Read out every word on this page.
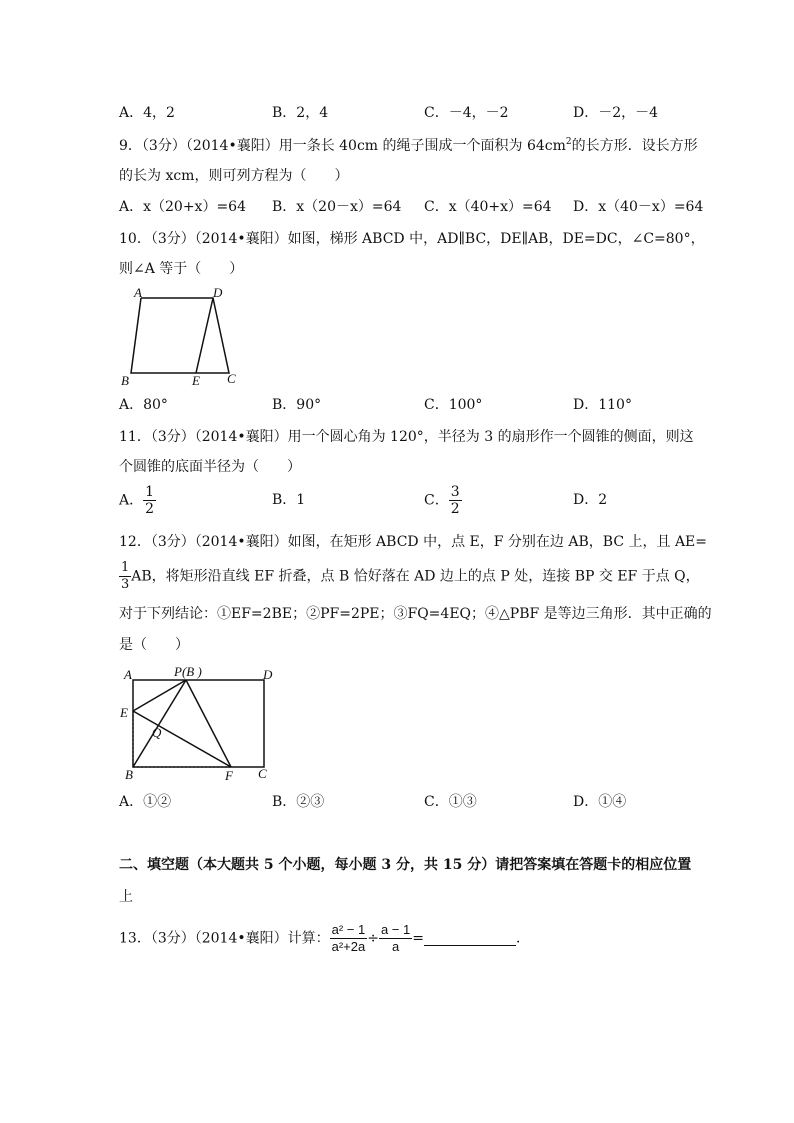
A．4，2	B．2，4	C．－4，－2	D．－2，－4
9．（3分）（2014•襄阳）用一条长 40cm 的绳子围成一个面积为 $64cm^2$的长方形．设长方形
的长为 xcm，则可列方程为（　　）
A．x（20+x）=64 B．x（20－x）=64 C．x（40+x）=64 D．x（40－x）=64
10．（3分）（2014•襄阳）如图，梯形 ABCD 中，AD∥BC，DE∥AB，DE=DC，∠C=80°，
则∠A 等于（　　）
A	D
B	E C
A．80°	B．90°	C．100°	D．110°
11．（3分）（2014•襄阳）用一个圆心角为 120°，半径为 3 的扇形作一个圆锥的侧面，则这
个圆锥的底面半径为（　　）
A． $\frac{1}{2}$	B．1	C． $\frac{3}{2}$	D．2
12．（3分）（2014•襄阳）如图，在矩形 ABCD 中，点 E，F 分别在边 AB，BC 上，且 AE=
$\frac{1}{3}$ AB，将矩形沿直线 EF 折叠，点 B 恰好落在 AD 边上的点 P 处，连接 BP 交 EF 于点 Q，
对于下列结论：①EF=2BE；②PF=2PE；③FQ=4EQ；④△PBF 是等边三角形．其中正确的
是（　　）
A	P(B )	D
E
Q
B	F C
A．①②	B．②③	C．①③	D．①④
二、填空题（本大题共 5 个小题，每小题 3 分，共 15 分）请把答案填在答题卡的相应位置
上
13．（3分）（2014•襄阳）计算： $\frac{\text{a² − 1}}{\text{a²+2a}} \div \frac{a - 1}{a}$ =	．
